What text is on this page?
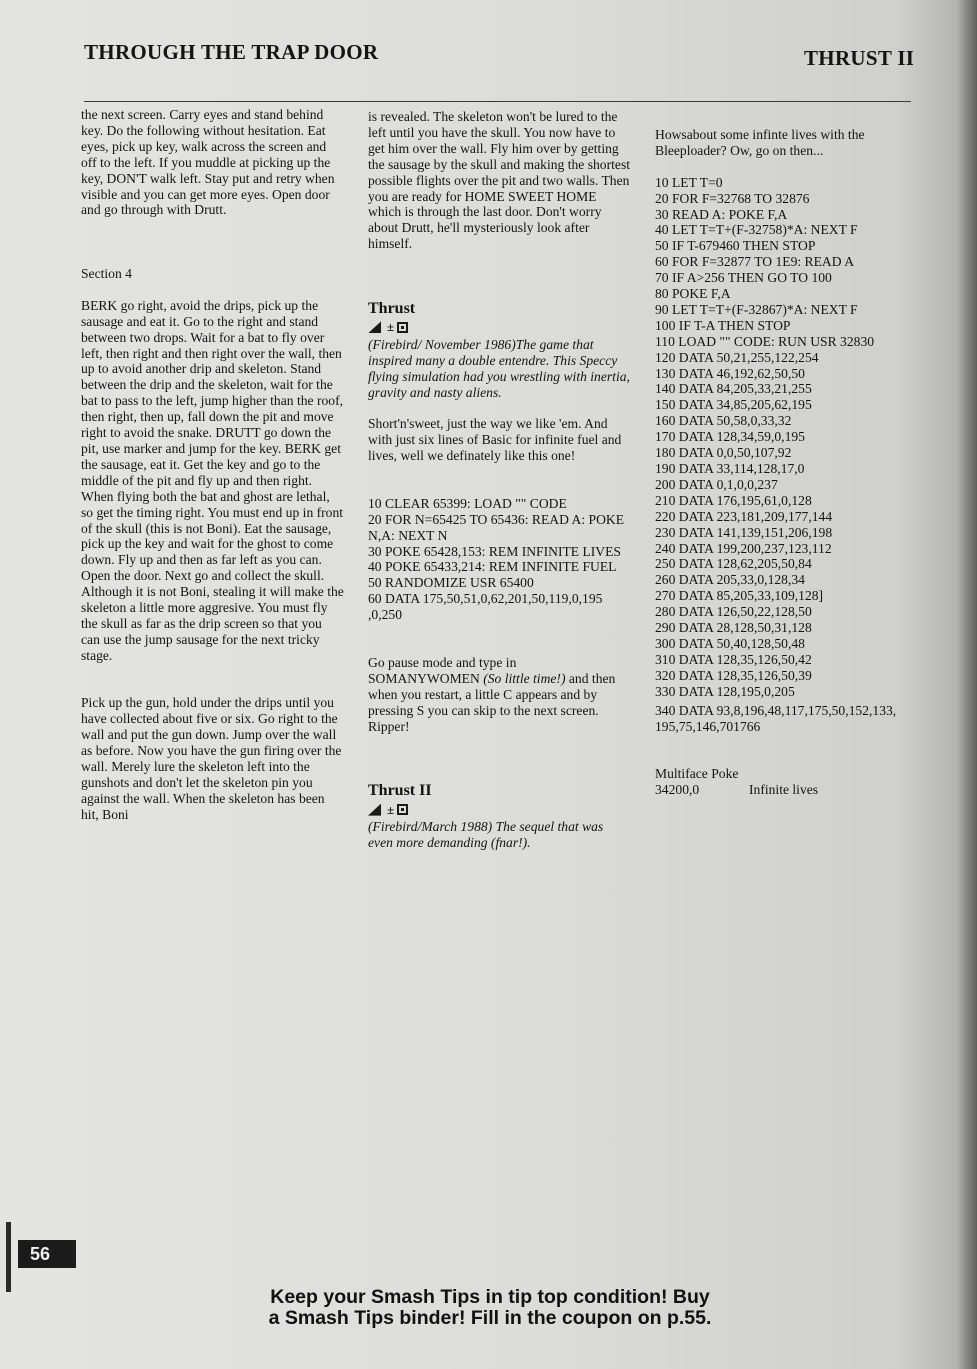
THROUGH THE TRAP DOOR	THRUST II

the next screen. Carry eyes and stand behind key. Do the following without hesitation. Eat eyes, pick up key, walk across the screen and off to the left. If you muddle at picking up the key, DON'T walk left. Stay put and retry when visible and you can get more eyes. Open door and go through with Drutt.

Section 4

BERK go right, avoid the drips, pick up the sausage and eat it. Go to the right and stand between two drops. Wait for a bat to fly over left, then right and then right over the wall, then up to avoid another drip and skeleton. Stand between the drip and the skeleton, wait for the bat to pass to the left, jump higher than the roof, then right, then up, fall down the pit and move right to avoid the snake. DRUTT go down the pit, use marker and jump for the key. BERK get the sausage, eat it. Get the key and go to the middle of the pit and fly up and then right. When flying both the bat and ghost are lethal, so get the timing right. You must end up in front of the skull (this is not Boni). Eat the sausage, pick up the key and wait for the ghost to come down. Fly up and then as far left as you can. Open the door. Next go and collect the skull. Although it is not Boni, stealing it will make the skeleton a little more aggresive. You must fly the skull as far as the drip screen so that you can use the jump sausage for the next tricky stage.

Pick up the gun, hold under the drips until you have collected about five or six. Go right to the wall and put the gun down. Jump over the wall as before. Now you have the gun firing over the wall. Merely lure the skeleton left into the gunshots and don't let the skeleton pin you against the wall. When the skeleton has been hit, Boni

is revealed. The skeleton won't be lured to the left until you have the skull. You now have to get him over the wall. Fly him over by getting the sausage by the skull and making the shortest possible flights over the pit and two walls. Then you are ready for HOME SWEET HOME which is through the last door. Don't worry about Drutt, he'll mysteriously look after himself.

Thrust

±

(Firebird/ November 1986)The game that inspired many a double entendre. This Speccy flying simulation had you wrestling with inertia, gravity and nasty aliens.

Short'n'sweet, just the way we like 'em. And with just six lines of Basic for infinite fuel and lives, well we definately like this one!

10 CLEAR 65399: LOAD "" CODE

20 FOR N=65425 TO 65436: READ A: POKE N,A: NEXT N

30 POKE 65428,153: REM INFINITE LIVES

40 POKE 65433,214: REM INFINITE FUEL

50 RANDOMIZE USR 65400

60 DATA 175,50,51,0,62,201,50,119,0,195 ,0,250

Go pause mode and type in SOMANYWOMEN (So little time!) and then when you restart, a little C appears and by pressing S you can skip to the next screen. Ripper!

Thrust II

±

(Firebird/March 1988) The sequel that was even more demanding (fnar!).

Howsabout some infinte lives with the Bleeploader? Ow, go on then...

10 LET T=0

20 FOR F=32768 TO 32876

30 READ A: POKE F,A

40 LET T=T+(F-32758)*A: NEXT F

50 IF T-679460 THEN STOP

60 FOR F=32877 TO 1E9: READ A

70 IF A>256 THEN GO TO 100

80 POKE F,A

90 LET T=T+(F-32867)*A: NEXT F

100 IF T-A THEN STOP

110 LOAD "" CODE: RUN USR 32830

120 DATA 50,21,255,122,254

130 DATA 46,192,62,50,50

140 DATA 84,205,33,21,255

150 DATA 34,85,205,62,195

160 DATA 50,58,0,33,32

170 DATA 128,34,59,0,195

180 DATA 0,0,50,107,92

190 DATA 33,114,128,17,0

200 DATA 0,1,0,0,237

210 DATA 176,195,61,0,128

220 DATA 223,181,209,177,144

230 DATA 141,139,151,206,198

240 DATA 199,200,237,123,112

250 DATA 128,62,205,50,84

260 DATA 205,33,0,128,34

270 DATA 85,205,33,109,128]

280 DATA 126,50,22,128,50

290 DATA 28,128,50,31,128

300 DATA 50,40,128,50,48

310 DATA 128,35,126,50,42

320 DATA 128,35,126,50,39

330 DATA 128,195,0,205

340 DATA 93,8,196,48,117,175,50,152,133, 195,75,146,701766

Multiface Poke

34200,0	Infinite lives
56
Keep your Smash Tips in tip top condition! Buy
a Smash Tips binder! Fill in the coupon on p.55.
